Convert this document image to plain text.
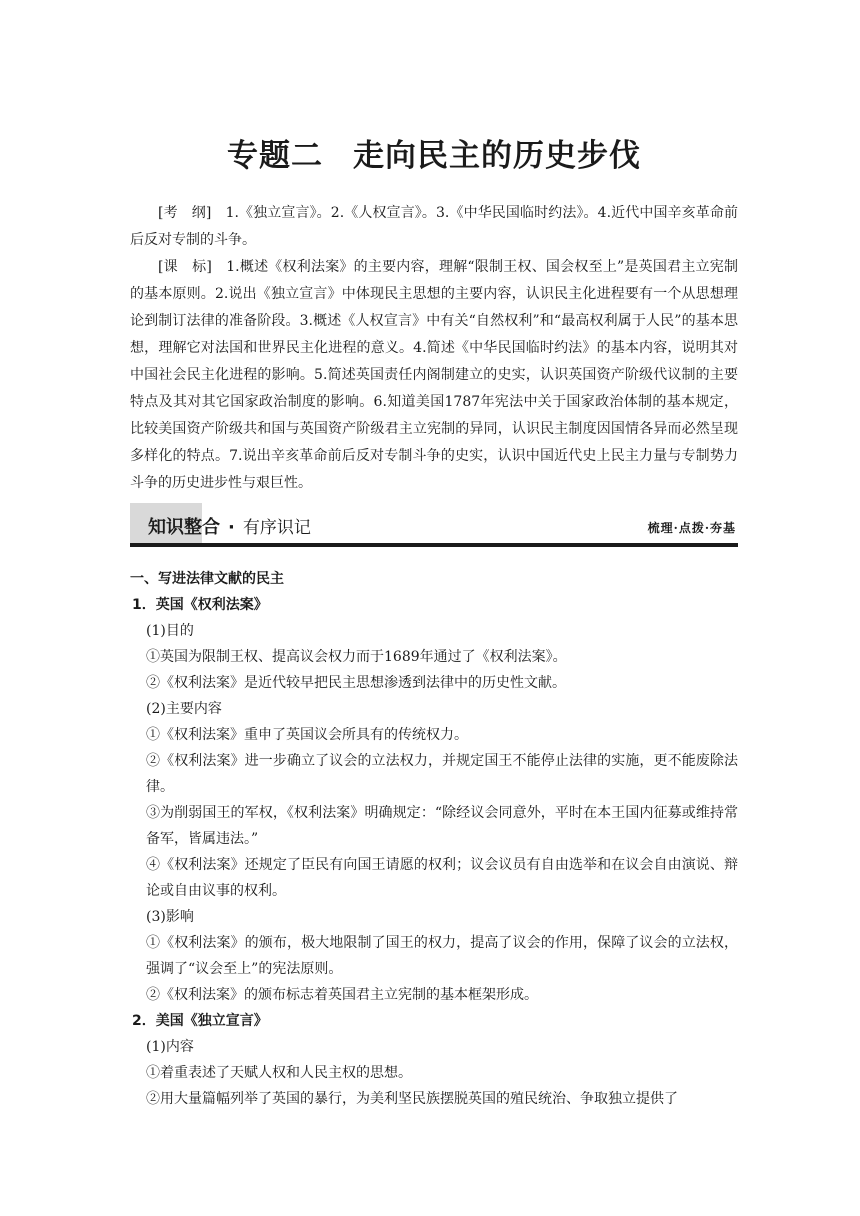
专题二 走向民主的历史步伐

[考　纲]　1.《独立宣言》。2.《人权宣言》。3.《中华民国临时约法》。4.近代中国辛亥革命前后反对专制的斗争。

[课　标]　1.概述《权利法案》的主要内容，理解“限制王权、国会权至上”是英国君主立宪制的基本原则。2.说出《独立宣言》中体现民主思想的主要内容，认识民主化进程要有一个从思想理论到制订法律的准备阶段。3.概述《人权宣言》中有关“自然权利”和“最高权利属于人民”的基本思想，理解它对法国和世界民主化进程的意义。4.简述《中华民国临时约法》的基本内容，说明其对中国社会民主化进程的影响。5.简述英国责任内阁制建立的史实，认识英国资产阶级代议制的主要特点及其对其它国家政治制度的影响。6.知道美国1787年宪法中关于国家政治体制的基本规定，比较美国资产阶级共和国与英国资产阶级君主立宪制的异同，认识民主制度因国情各异而必然呈现多样化的特点。7.说出辛亥革命前后反对专制斗争的史实，认识中国近代史上民主力量与专制势力斗争的历史进步性与艰巨性。

知识整合 · 有序识记	梳理·点拨·夯基

一、写进法律文献的民主

1．英国《权利法案》

(1)目的

①英国为限制王权、提高议会权力而于1689年通过了《权利法案》。

②《权利法案》是近代较早把民主思想渗透到法律中的历史性文献。

(2)主要内容

①《权利法案》重申了英国议会所具有的传统权力。

②《权利法案》进一步确立了议会的立法权力，并规定国王不能停止法律的实施，更不能废除法律。

③为削弱国王的军权，《权利法案》明确规定：“除经议会同意外，平时在本王国内征募或维持常备军，皆属违法。”

④《权利法案》还规定了臣民有向国王请愿的权利；议会议员有自由选举和在议会自由演说、辩论或自由议事的权利。

(3)影响

①《权利法案》的颁布，极大地限制了国王的权力，提高了议会的作用，保障了议会的立法权，强调了“议会至上”的宪法原则。

②《权利法案》的颁布标志着英国君主立宪制的基本框架形成。

2．美国《独立宣言》

(1)内容

①着重表述了天赋人权和人民主权的思想。

②用大量篇幅列举了英国的暴行，为美利坚民族摆脱英国的殖民统治、争取独立提供了
